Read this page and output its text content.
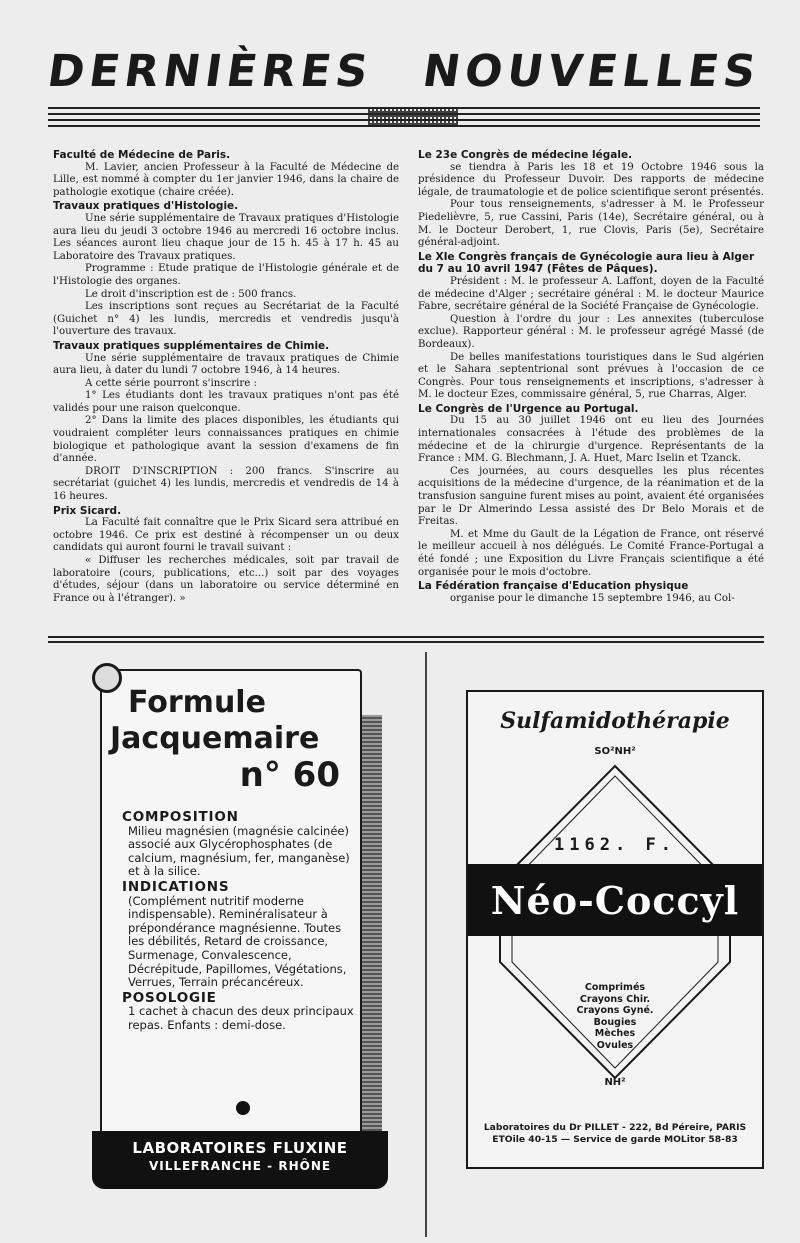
DERNIÈRES NOUVELLES
Faculté de Médecine de Paris.

M. Lavier, ancien Professeur à la Faculté de Médecine de Lille, est nommé à compter du 1er janvier 1946, dans la chaire de pathologie exotique (chaire créée).

Travaux pratiques d'Histologie.

Une série supplémentaire de Travaux pratiques d'Histologie aura lieu du jeudi 3 octobre 1946 au mercredi 16 octobre inclus. Les séances auront lieu chaque jour de 15 h. 45 à 17 h. 45 au Laboratoire des Travaux pratiques.

Programme : Etude pratique de l'Histologie générale et de l'Histologie des organes.

Le droit d'inscription est de : 500 francs.

Les inscriptions sont reçues au Secrétariat de la Faculté (Guichet n° 4) les lundis, mercredis et vendredis jusqu'à l'ouverture des travaux.

Travaux pratiques supplémentaires de Chimie.

Une série supplémentaire de travaux pratiques de Chimie aura lieu, à dater du lundi 7 octobre 1946, à 14 heures.

A cette série pourront s'inscrire :

1° Les étudiants dont les travaux pratiques n'ont pas été validés pour une raison quelconque.

2° Dans la limite des places disponibles, les étudiants qui voudraient compléter leurs connaissances pratiques en chimie biologique et pathologique avant la session d'examens de fin d'année.

DROIT D'INSCRIPTION : 200 francs. S'inscrire au secrétariat (guichet 4) les lundis, mercredis et vendredis de 14 à 16 heures.

Prix Sicard.

La Faculté fait connaître que le Prix Sicard sera attribué en octobre 1946. Ce prix est destiné à récompenser un ou deux candidats qui auront fourni le travail suivant :

« Diffuser les recherches médicales, soit par travail de laboratoire (cours, publications, etc...) soit par des voyages d'études, séjour (dans un laboratoire ou service déterminé en France ou à l'étranger). »

Le 23e Congrès de médecine légale.

se tiendra à Paris les 18 et 19 Octobre 1946 sous la présidence du Professeur Duvoir. Des rapports de médecine légale, de traumatologie et de police scientifique seront présentés.

Pour tous renseignements, s'adresser à M. le Professeur Piedelièvre, 5, rue Cassini, Paris (14e), Secrétaire général, ou à M. le Docteur Derobert, 1, rue Clovis, Paris (5e), Secrétaire général-adjoint.

Le XIe Congrès français de Gynécologie aura lieu à Alger du 7 au 10 avril 1947 (Fêtes de Pâques).

Président : M. le professeur A. Laffont, doyen de la Faculté de médecine d'Alger ; secrétaire général : M. le docteur Maurice Fabre, secrétaire général de la Société Française de Gynécologie.

Question à l'ordre du jour : Les annexites (tuberculose exclue). Rapporteur général : M. le professeur agrégé Massé (de Bordeaux).

De belles manifestations touristiques dans le Sud algérien et le Sahara septentrional sont prévues à l'occasion de ce Congrès. Pour tous renseignements et inscriptions, s'adresser à M. le docteur Ezes, commissaire général, 5, rue Charras, Alger.

Le Congrès de l'Urgence au Portugal.

Du 15 au 30 juillet 1946 ont eu lieu des Journées internationales consacrées à l'étude des problèmes de la médecine et de la chirurgie d'urgence. Représentants de la France : MM. G. Blechmann, J. A. Huet, Marc Iselin et Tzanck.

Ces journées, au cours desquelles les plus récentes acquisitions de la médecine d'urgence, de la réanimation et de la transfusion sanguine furent mises au point, avaient été organisées par le Dr Almerindo Lessa assisté des Dr Belo Morais et de Freitas.

M. et Mme du Gault de la Légation de France, ont réservé le meilleur accueil à nos délégués. Le Comité France-Portugal a été fondé ; une Exposition du Livre Français scientifique a été organisée pour le mois d'octobre.

La Fédération française d'Education physique

organise pour le dimanche 15 septembre 1946, au Col-

Formule
Jacquemaire
n° 60
COMPOSITION
Milieu magnésien (magnésie calcinée) associé aux Glycérophosphates (de calcium, magnésium, fer, manganèse) et à la silice.
INDICATIONS
(Complément nutritif moderne indispensable). Reminéralisateur à prépondérance magnésienne. Toutes les débilités, Retard de croissance, Surmenage, Convalescence, Décrépitude, Papillomes, Végétations, Verrues, Terrain précancéreux.
POSOLOGIE
1 cachet à chacun des deux principaux repas. Enfants : demi-dose.
LABORATOIRES FLUXINE
VILLEFRANCHE - RHÔNE
Sulfamidothérapie
SO²NH²
1162. F.
Néo-Coccyl
Comprimés
Crayons Chir.
Crayons Gyné.
Bougies
Mèches
Ovules
NH²
Laboratoires du Dr PILLET - 222, Bd Péreire, PARIS
ETOile 40-15 — Service de garde MOLitor 58-83
